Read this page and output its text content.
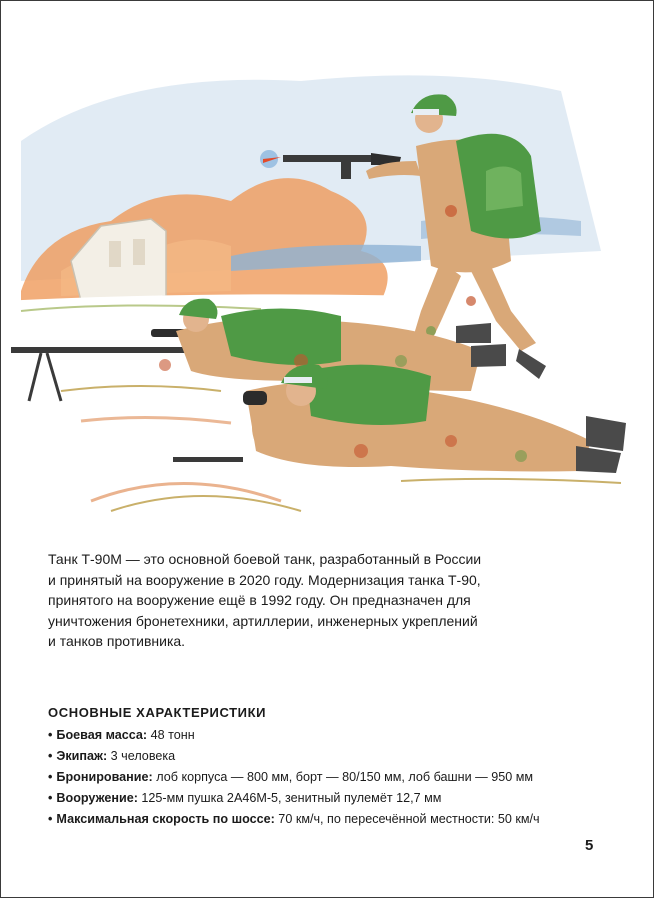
Танк Т-90М — это основной боевой танк, разработанный в России
и принятый на вооружение в 2020 году. Модернизация танка Т-90,
принятого на вооружение ещё в 1992 году. Он предназначен для
уничтожения бронетехники, артиллерии, инженерных укреплений
и танков противника.
ОСНОВНЫЕ ХАРАКТЕРИСТИКИ
• Боевая масса: 48 тонн
• Экипаж: 3 человека
• Бронирование: лоб корпуса — 800 мм, борт — 80/150 мм, лоб башни — 950 мм
• Вооружение: 125-мм пушка 2А46М-5, зенитный пулемёт 12,7 мм
• Максимальная скорость по шоссе: 70 км/ч, по пересечённой местности: 50 км/ч
5
